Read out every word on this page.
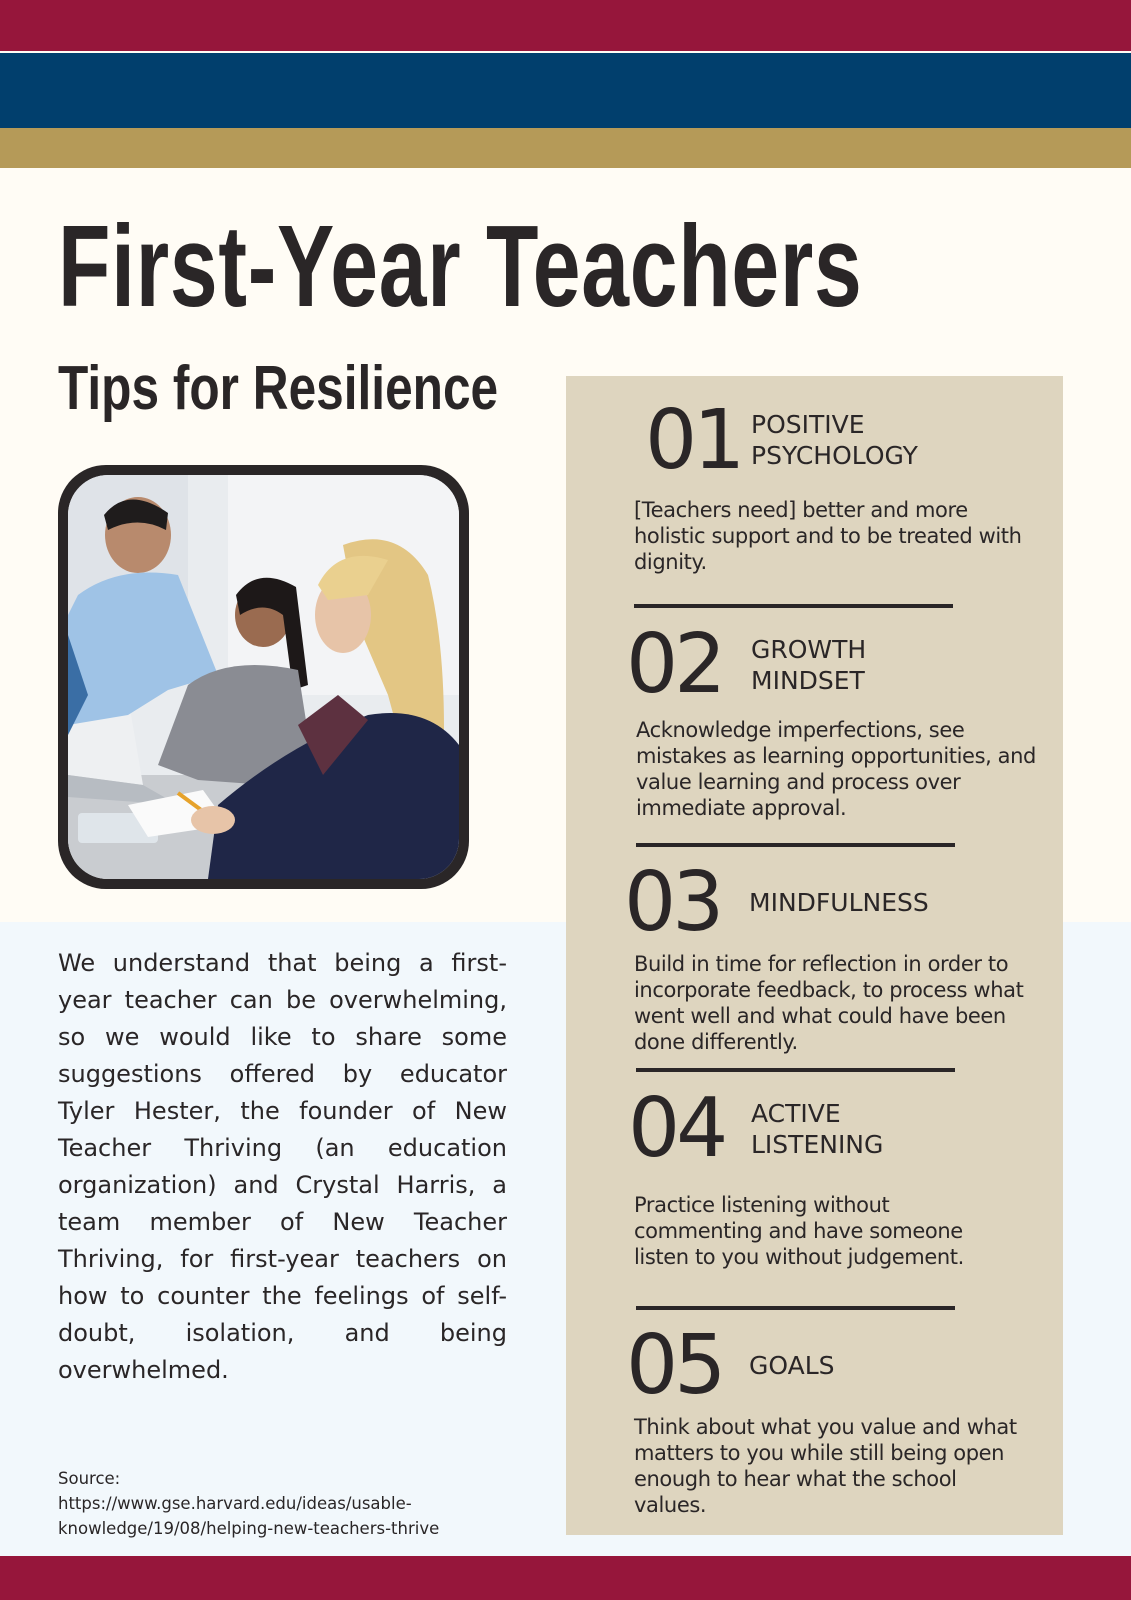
First-Year Teachers
Tips for Resilience

We understand that being a first-year teacher can be overwhelming, so we would like to share some suggestions offered by educator Tyler Hester, the founder of New Teacher Thriving (an education organization) and Crystal Harris, a team member of New Teacher Thriving, for first-year teachers on how to counter the feelings of self-doubt, isolation, and being overwhelmed.

Source:
https://www.gse.harvard.edu/ideas/usable-knowledge/19/08/helping-new-teachers-thrive
01 POSITIVE
PSYCHOLOGY
[Teachers need] better and more holistic support and to be treated with dignity.
02 GROWTH
MINDSET
Acknowledge imperfections, see mistakes as learning opportunities, and value learning and process over immediate approval.
03 MINDFULNESS
Build in time for reflection in order to incorporate feedback, to process what went well and what could have been done differently.
04 ACTIVE
LISTENING
Practice listening without commenting and have someone listen to you without judgement.
05 GOALS
Think about what you value and what matters to you while still being open enough to hear what the school values.
